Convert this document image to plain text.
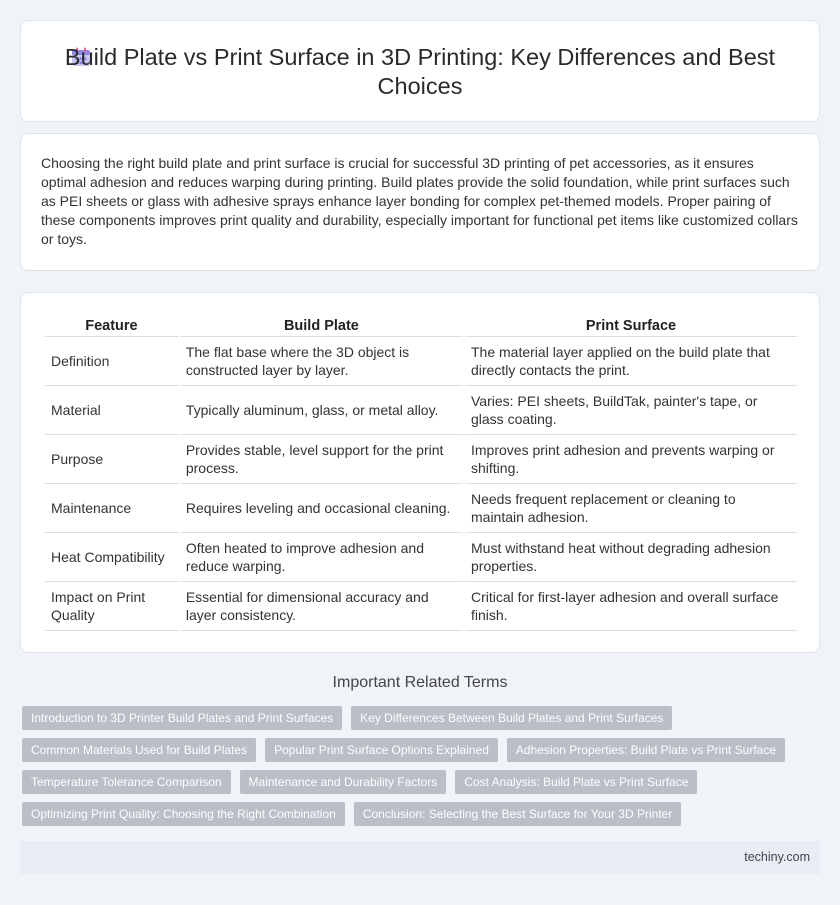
Build Plate vs Print Surface in 3D Printing: Key Differences and Best Choices

Choosing the right build plate and print surface is crucial for successful 3D printing of pet accessories, as it ensures optimal adhesion and reduces warping during printing. Build plates provide the solid foundation, while print surfaces such as PEI sheets or glass with adhesive sprays enhance layer bonding for complex pet-themed models. Proper pairing of these components improves print quality and durability, especially important for functional pet items like customized collars or toys.

Feature	Build Plate	Print Surface
Definition	The flat base where the 3D object is constructed layer by layer.	The material layer applied on the build plate that directly contacts the print.
Material	Typically aluminum, glass, or metal alloy.	Varies: PEI sheets, BuildTak, painter's tape, or glass coating.
Purpose	Provides stable, level support for the print process.	Improves print adhesion and prevents warping or shifting.
Maintenance	Requires leveling and occasional cleaning.	Needs frequent replacement or cleaning to maintain adhesion.
Heat Compatibility	Often heated to improve adhesion and reduce warping.	Must withstand heat without degrading adhesion properties.
Impact on Print Quality	Essential for dimensional accuracy and layer consistency.	Critical for first-layer adhesion and overall surface finish.
Important Related Terms
Introduction to 3D Printer Build Plates and Print Surfaces	Key Differences Between Build Plates and Print Surfaces
Common Materials Used for Build Plates	Popular Print Surface Options Explained	Adhesion Properties: Build Plate vs Print Surface
Temperature Tolerance Comparison	Maintenance and Durability Factors	Cost Analysis: Build Plate vs Print Surface
Optimizing Print Quality: Choosing the Right Combination	Conclusion: Selecting the Best Surface for Your 3D Printer
techiny.com
